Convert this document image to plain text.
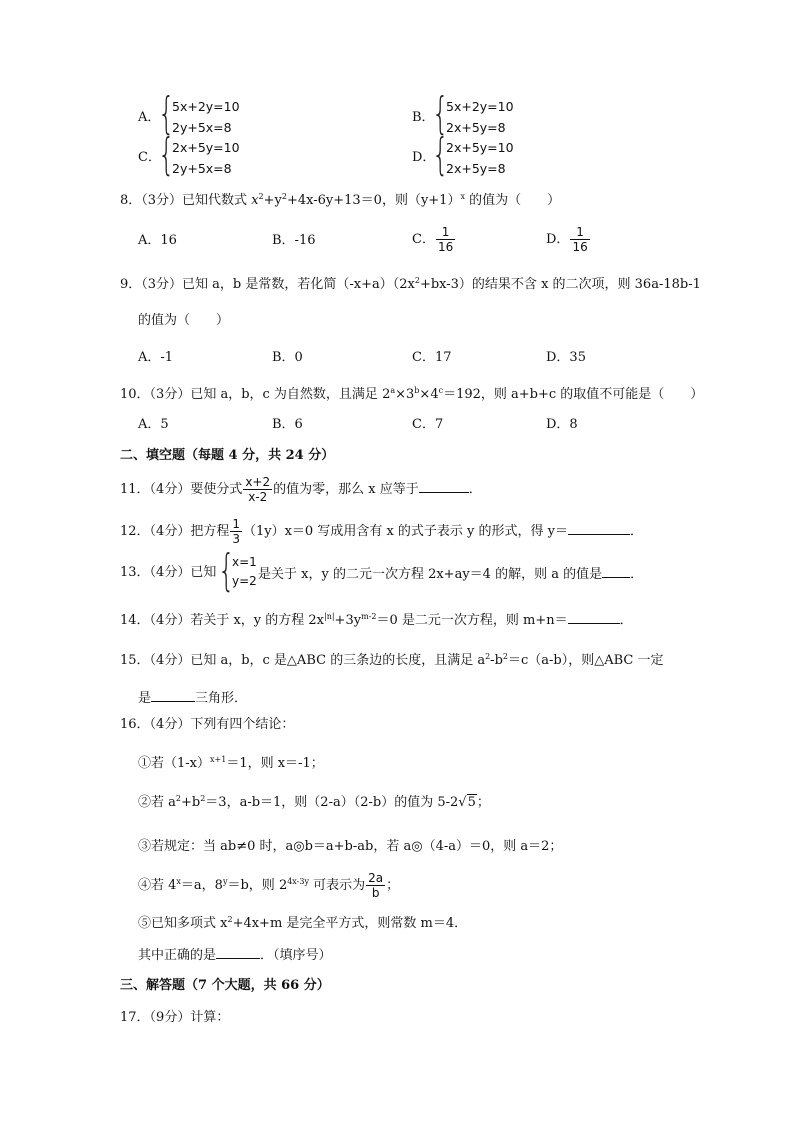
A．
{
5x+2y=10
2y+5x=8
B．
{
5x+2y=10
2x+5y=8
C．
{
2x+5y=10
2y+5x=8
D．
{
2x+5y=10
2x+5y=8
8．（3分）已知代数式 $x^2+y^2+4x-6y+13=0$，则$(y+1)^x$ 的值为（　　）
A．16	B．-16	C． $\frac{1}{16}$	D． $\frac{1}{16}$
9．（3分）已知 a，b 是常数，若化简$(-x+a)(2x^2+bx-3)$的结果不含 x 的二次项，则 36a-18b-1
的值为（　　）
A．-1	B．0	C．17	D．35
10．（3分）已知 a，b，c 为自然数，且满足 $2^a\times 3^b\times 4^c=192$，则 a+b+c 的取值不可能是（　　）
A．5	B．6	C．7	D．8
二、填空题（每题 4 分，共 24 分）
11．（4分）要使分式 $\frac{x+2}{x-2}$ 的值为零，那么 x 应等于	．
12．（4分）把方程 $\frac{1}{3} (1y)x=0$ 写成用含有 x 的式子表示 y 的形式，得 y＝	．
13．（4分）已知 {
x=1
y=2 是关于 x，y 的二元一次方程 2x+ay＝4 的解，则 a 的值是 ．
14．（4分）若关于 x，y 的方程 $2x^{|n|}+3y^{m-2}=0$ 是二元一次方程，则 m+n＝	．
15．（4分）已知 a，b，c 是△ABC 的三条边的长度，且满足 $a^2-b^2=c(a-b)$，则△ABC 一定
是	三角形．
16．（4分）下列有四个结论：
①若$(1-x)^{x+1}=1$，则 x＝-1；
②若 $a^2+b^2=3$，a-b＝1，则（2-a）（2-b）的值为 5-2√5；
③若规定：当 ab≠0 时，a◎b＝a+b-ab，若 a◎（4-a）＝0，则 a＝2；
④若 $4^x=a$，$8^y=b$，则 $2^{4x-3y}$ 可表示为 $\frac{2a}{b}$ ；
⑤已知多项式 $x^2+4x+m$ 是完全平方式，则常数 m＝4．
其中正确的是	．（填序号）
三、解答题（7 个大题，共 66 分）
17．（9分）计算：
